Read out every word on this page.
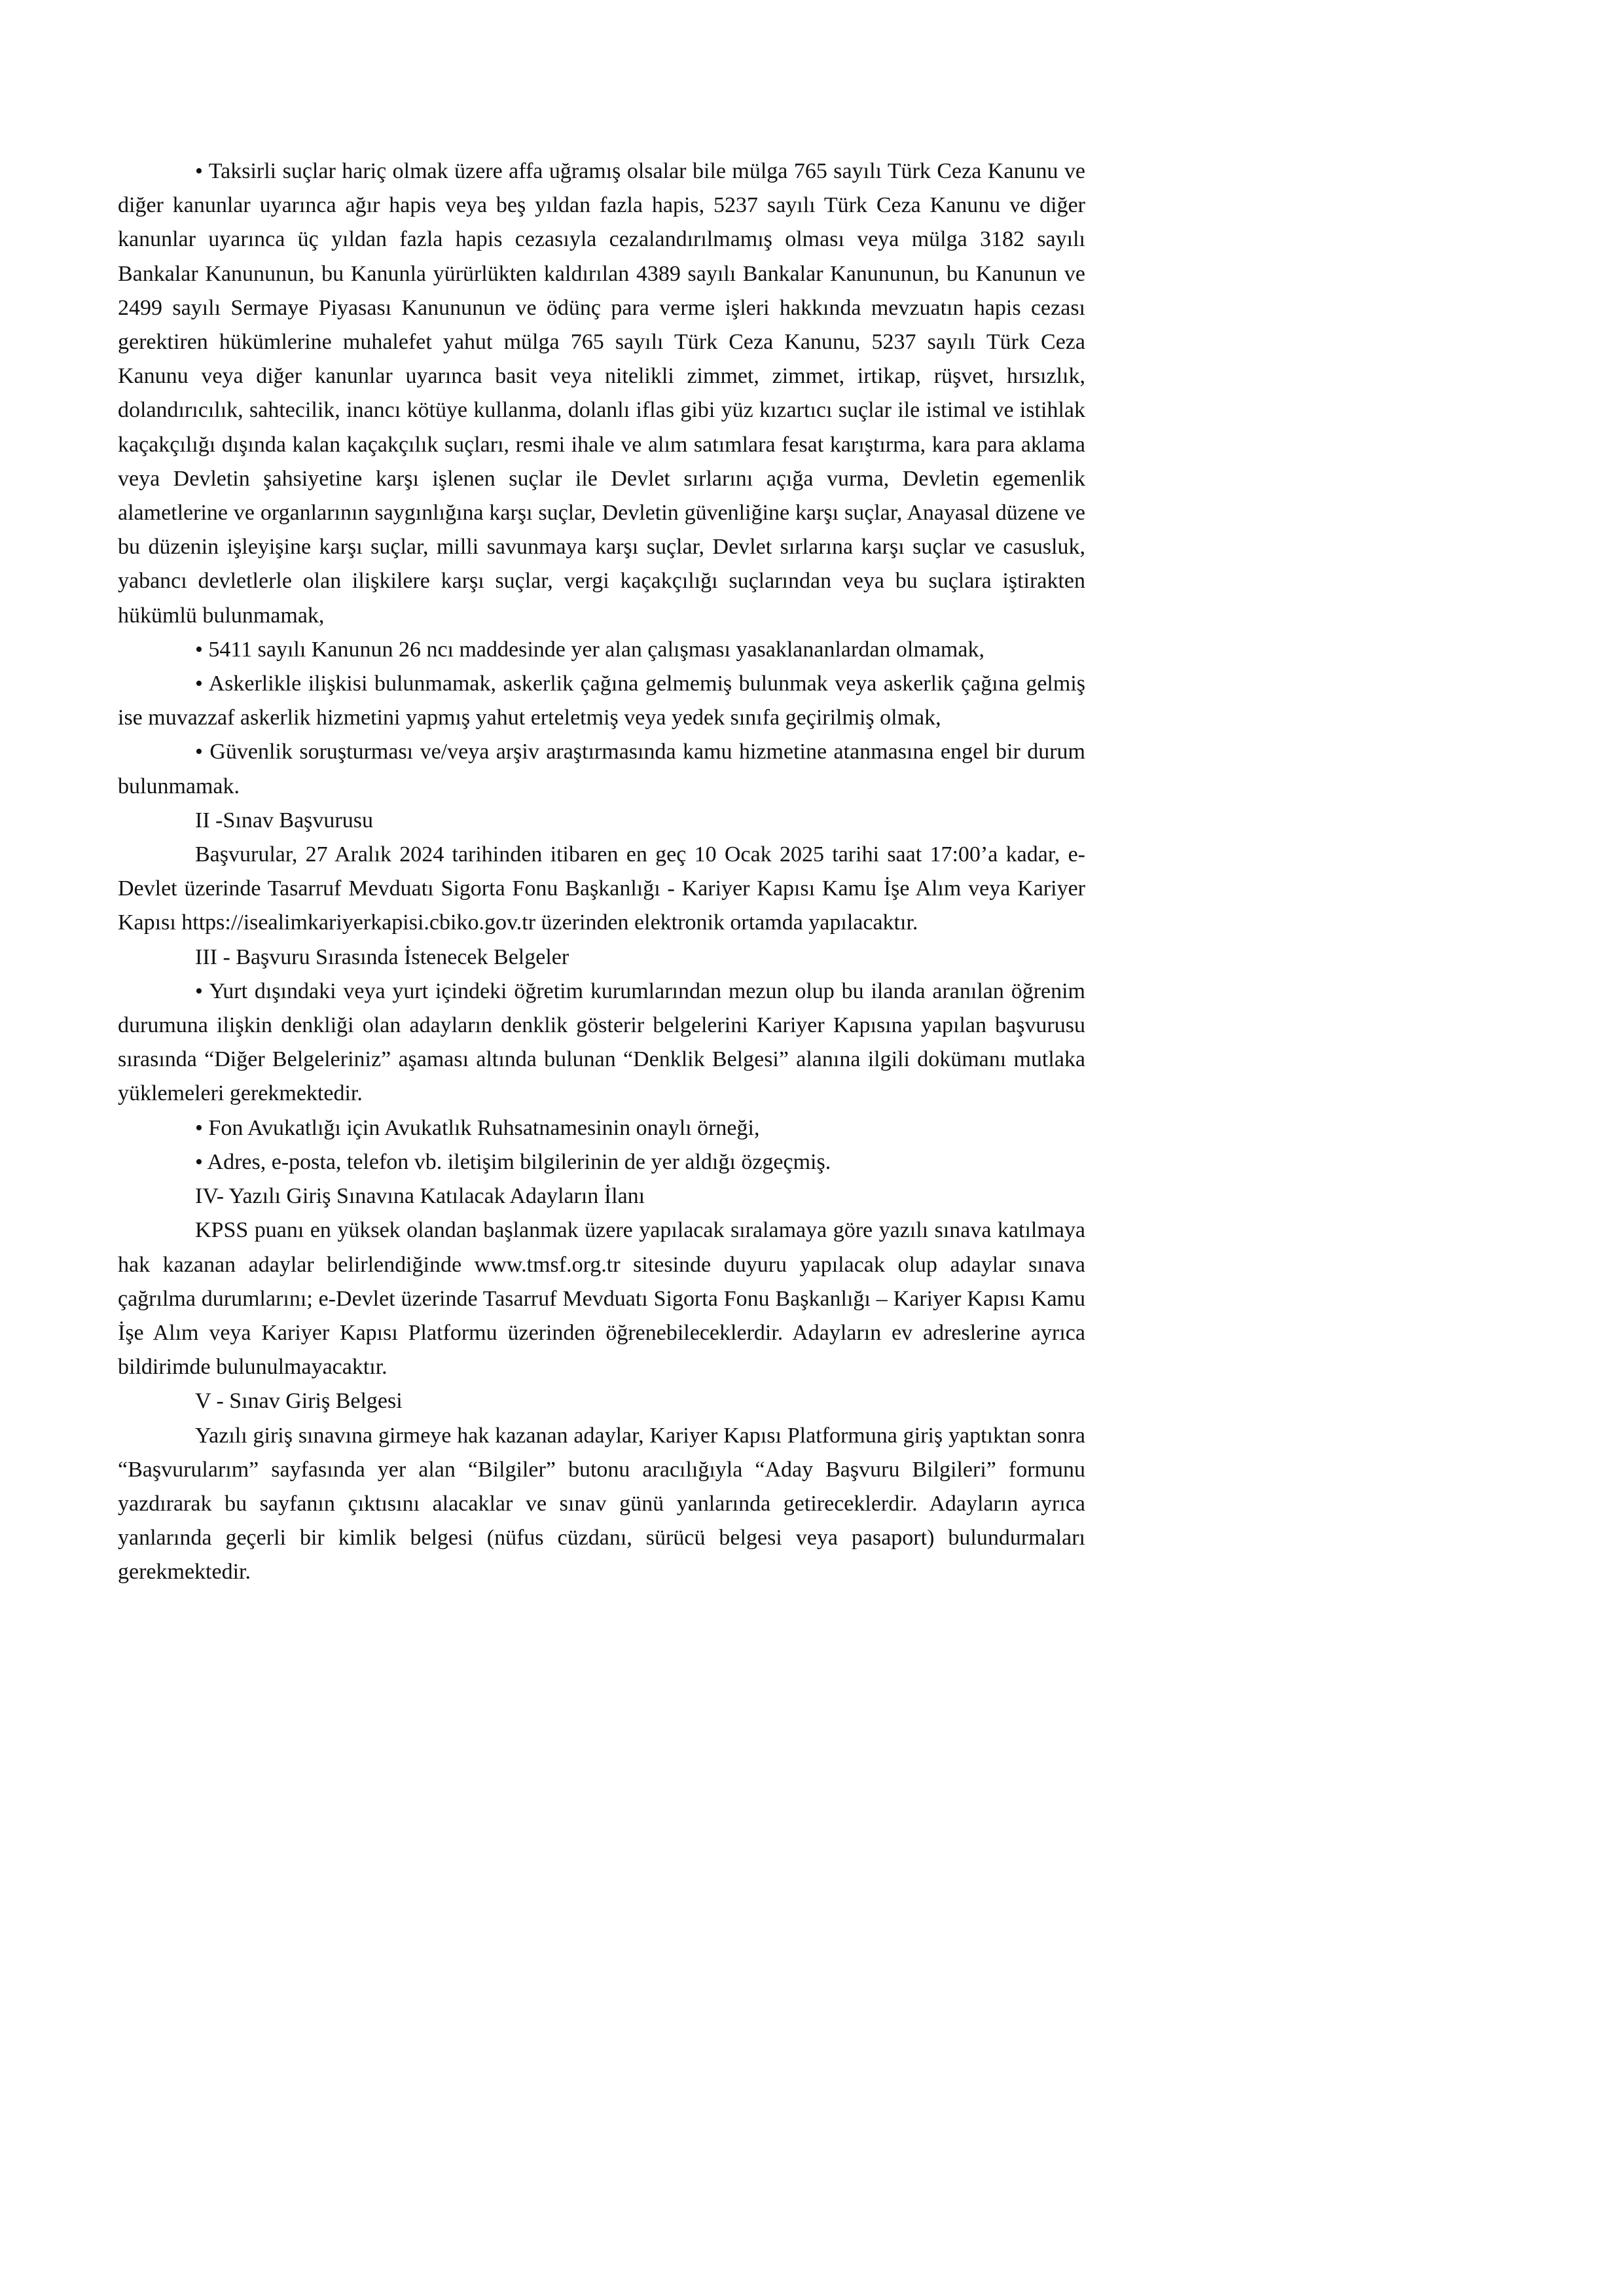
• Taksirli suçlar hariç olmak üzere affa uğramış olsalar bile mülga 765 sayılı Türk Ceza Kanunu ve diğer kanunlar uyarınca ağır hapis veya beş yıldan fazla hapis, 5237 sayılı Türk Ceza Kanunu ve diğer kanunlar uyarınca üç yıldan fazla hapis cezasıyla cezalandırılmamış olması veya mülga 3182 sayılı Bankalar Kanununun, bu Kanunla yürürlükten kaldırılan 4389 sayılı Bankalar Kanununun, bu Kanunun ve 2499 sayılı Sermaye Piyasası Kanununun ve ödünç para verme işleri hakkında mevzuatın hapis cezası gerektiren hükümlerine muhalefet yahut mülga 765 sayılı Türk Ceza Kanunu, 5237 sayılı Türk Ceza Kanunu veya diğer kanunlar uyarınca basit veya nitelikli zimmet, zimmet, irtikap, rüşvet, hırsızlık, dolandırıcılık, sahtecilik, inancı kötüye kullanma, dolanlı iflas gibi yüz kızartıcı suçlar ile istimal ve istihlak kaçakçılığı dışında kalan kaçakçılık suçları, resmi ihale ve alım satımlara fesat karıştırma, kara para aklama veya Devletin şahsiyetine karşı işlenen suçlar ile Devlet sırlarını açığa vurma, Devletin egemenlik alametlerine ve organlarının saygınlığına karşı suçlar, Devletin güvenliğine karşı suçlar, Anayasal düzene ve bu düzenin işleyişine karşı suçlar, milli savunmaya karşı suçlar, Devlet sırlarına karşı suçlar ve casusluk, yabancı devletlerle olan ilişkilere karşı suçlar, vergi kaçakçılığı suçlarından veya bu suçlara iştirakten hükümlü bulunmamak,

• 5411 sayılı Kanunun 26 ncı maddesinde yer alan çalışması yasaklananlardan olmamak,

• Askerlikle ilişkisi bulunmamak, askerlik çağına gelmemiş bulunmak veya askerlik çağına gelmiş ise muvazzaf askerlik hizmetini yapmış yahut erteletmiş veya yedek sınıfa geçirilmiş olmak,

• Güvenlik soruşturması ve/veya arşiv araştırmasında kamu hizmetine atanmasına engel bir durum bulunmamak.

II -Sınav Başvurusu

Başvurular, 27 Aralık 2024 tarihinden itibaren en geç 10 Ocak 2025 tarihi saat 17:00’a kadar, e-Devlet üzerinde Tasarruf Mevduatı Sigorta Fonu Başkanlığı - Kariyer Kapısı Kamu İşe Alım veya Kariyer Kapısı https://isealimkariyerkapisi.cbiko.gov.tr üzerinden elektronik ortamda yapılacaktır.

III - Başvuru Sırasında İstenecek Belgeler

• Yurt dışındaki veya yurt içindeki öğretim kurumlarından mezun olup bu ilanda aranılan öğrenim durumuna ilişkin denkliği olan adayların denklik gösterir belgelerini Kariyer Kapısına yapılan başvurusu sırasında “Diğer Belgeleriniz” aşaması altında bulunan “Denklik Belgesi” alanına ilgili dokümanı mutlaka yüklemeleri gerekmektedir.

• Fon Avukatlığı için Avukatlık Ruhsatnamesinin onaylı örneği,

• Adres, e-posta, telefon vb. iletişim bilgilerinin de yer aldığı özgeçmiş.

IV- Yazılı Giriş Sınavına Katılacak Adayların İlanı

KPSS puanı en yüksek olandan başlanmak üzere yapılacak sıralamaya göre yazılı sınava katılmaya hak kazanan adaylar belirlendiğinde www.tmsf.org.tr sitesinde duyuru yapılacak olup adaylar sınava çağrılma durumlarını; e-Devlet üzerinde Tasarruf Mevduatı Sigorta Fonu Başkanlığı – Kariyer Kapısı Kamu İşe Alım veya Kariyer Kapısı Platformu üzerinden öğrenebileceklerdir. Adayların ev adreslerine ayrıca bildirimde bulunulmayacaktır.

V - Sınav Giriş Belgesi

Yazılı giriş sınavına girmeye hak kazanan adaylar, Kariyer Kapısı Platformuna giriş yaptıktan sonra “Başvurularım” sayfasında yer alan “Bilgiler” butonu aracılığıyla “Aday Başvuru Bilgileri” formunu yazdırarak bu sayfanın çıktısını alacaklar ve sınav günü yanlarında getireceklerdir. Adayların ayrıca yanlarında geçerli bir kimlik belgesi (nüfus cüzdanı, sürücü belgesi veya pasaport) bulundurmaları gerekmektedir.
